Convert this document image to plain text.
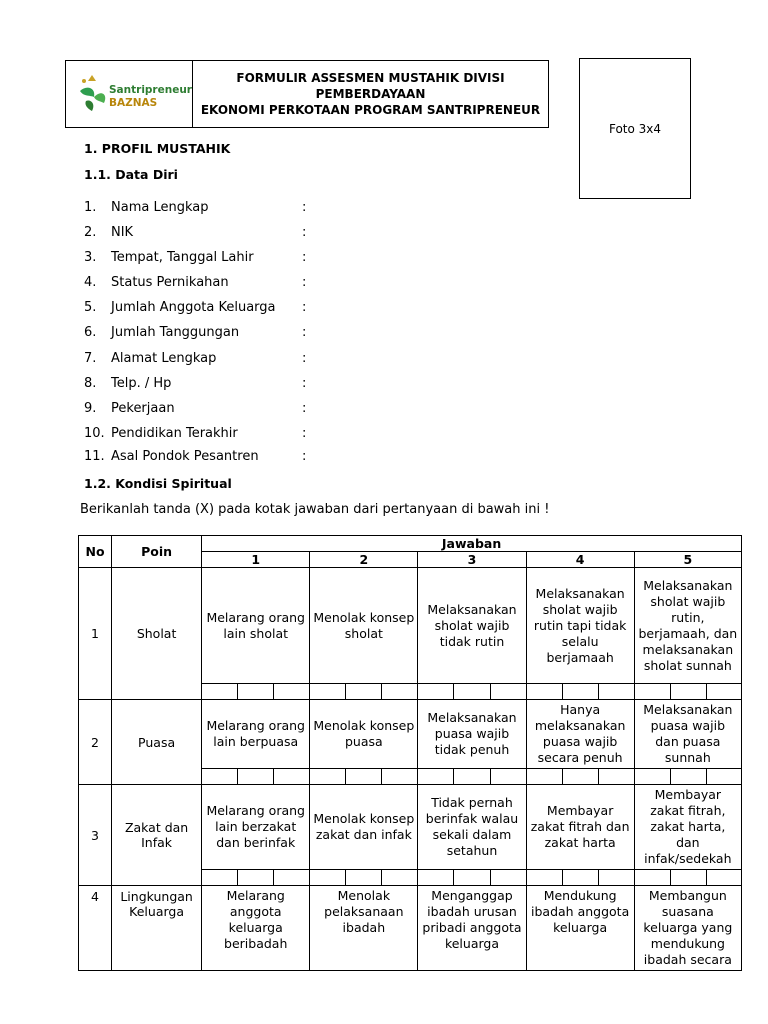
Santripreneur
BAZNAS
FORMULIR ASSESMEN MUSTAHIK DIVISI PEMBERDAYAAN
EKONOMI PERKOTAAN PROGRAM SANTRIPRENEUR
Foto 3x4
1. PROFIL MUSTAHIK
1.1. Data Diri
1. Nama Lengkap	:
2. NIK	:
3. Tempat, Tanggal Lahir	:
4. Status Pernikahan	:
5. Jumlah Anggota Keluarga :
6. Jumlah Tanggungan	:
7. Alamat Lengkap	:
8. Telp. / Hp	:
9. Pekerjaan	:
10. Pendidikan Terakhir	:
11. Asal Pondok Pesantren	:
1.2. Kondisi Spiritual
Berikanlah tanda (X) pada kotak jawaban dari pertanyaan di bawah ini !
No	Poin	Jawaban														
		1			2			3			4			5		
1	Sholat	Melarang orang lain sholat			Menolak konsep sholat			Melaksanakan sholat wajib tidak rutin			Melaksanakan sholat wajib rutin tapi tidak selalu berjamaah			Melaksanakan sholat wajib rutin, berjamaah, dan melaksanakan sholat sunnah		

2	Puasa	Melarang orang lain berpuasa			Menolak konsep puasa			Melaksanakan puasa wajib tidak penuh			Hanya melaksanakan puasa wajib secara penuh			Melaksanakan puasa wajib dan puasa sunnah		

3	Zakat dan Infak	Melarang orang lain berzakat dan berinfak			Menolak konsep zakat dan infak			Tidak pernah berinfak walau sekali dalam setahun			Membayar zakat fitrah dan zakat harta			Membayar zakat fitrah, zakat harta, dan infak/sedekah		

4	Lingkungan Keluarga	Melarang anggota keluarga beribadah			Menolak pelaksanaan ibadah			Menganggap ibadah urusan pribadi anggota keluarga			Mendukung ibadah anggota keluarga			Membangun suasana keluarga yang mendukung ibadah secara		
